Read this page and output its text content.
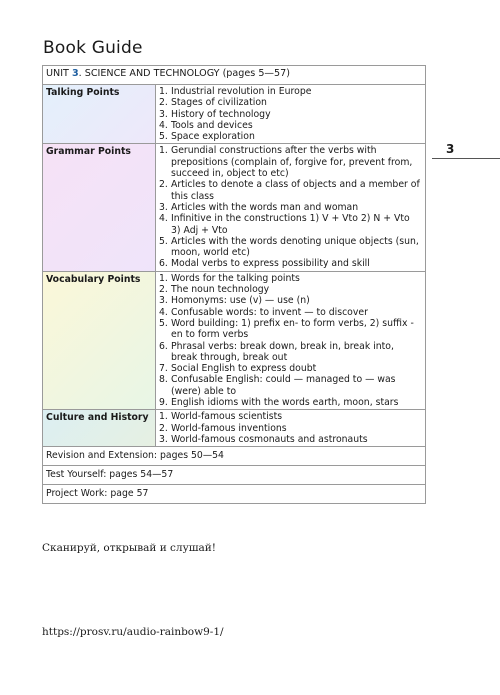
Book Guide
3
UNIT 3. SCIENCE AND TECHNOLOGY (pages 5—57)
Talking Points	1. Industrial revolution in Europe
2. Stages of civilization
3. History of technology
4. Tools and devices
5. Space exploration
Grammar Points	1. Gerundial constructions after the verbs with prepositions (complain of, forgive for, prevent from, succeed in, object to etc)
2. Articles to denote a class of objects and a member of this class
3. Articles with the words man and woman
4. Infinitive in the constructions 1) V + Vto 2) N + Vto 3) Adj + Vto
5. Articles with the words denoting unique objects (sun, moon, world etc)
6. Modal verbs to express possibility and skill
Vocabulary Points	1. Words for the talking points
2. The noun technology
3. Homonyms: use (v) — use (n)
4. Confusable words: to invent — to discover
5. Word building: 1) prefix en- to form verbs, 2) suffix -en to form verbs
6. Phrasal verbs: break down, break in, break into, break through, break out
7. Social English to express doubt
8. Confusable English: could — managed to — was (were) able to
9. English idioms with the words earth, moon, stars
Culture and History	1. World-famous scientists
2. World-famous inventions
3. World-famous cosmonauts and astronauts
Revision and Extension: pages 50—54
Test Yourself: pages 54—57
Project Work: page 57
Сканируй, открывай и слушай!
https://prosv.ru/audio-rainbow9-1/
